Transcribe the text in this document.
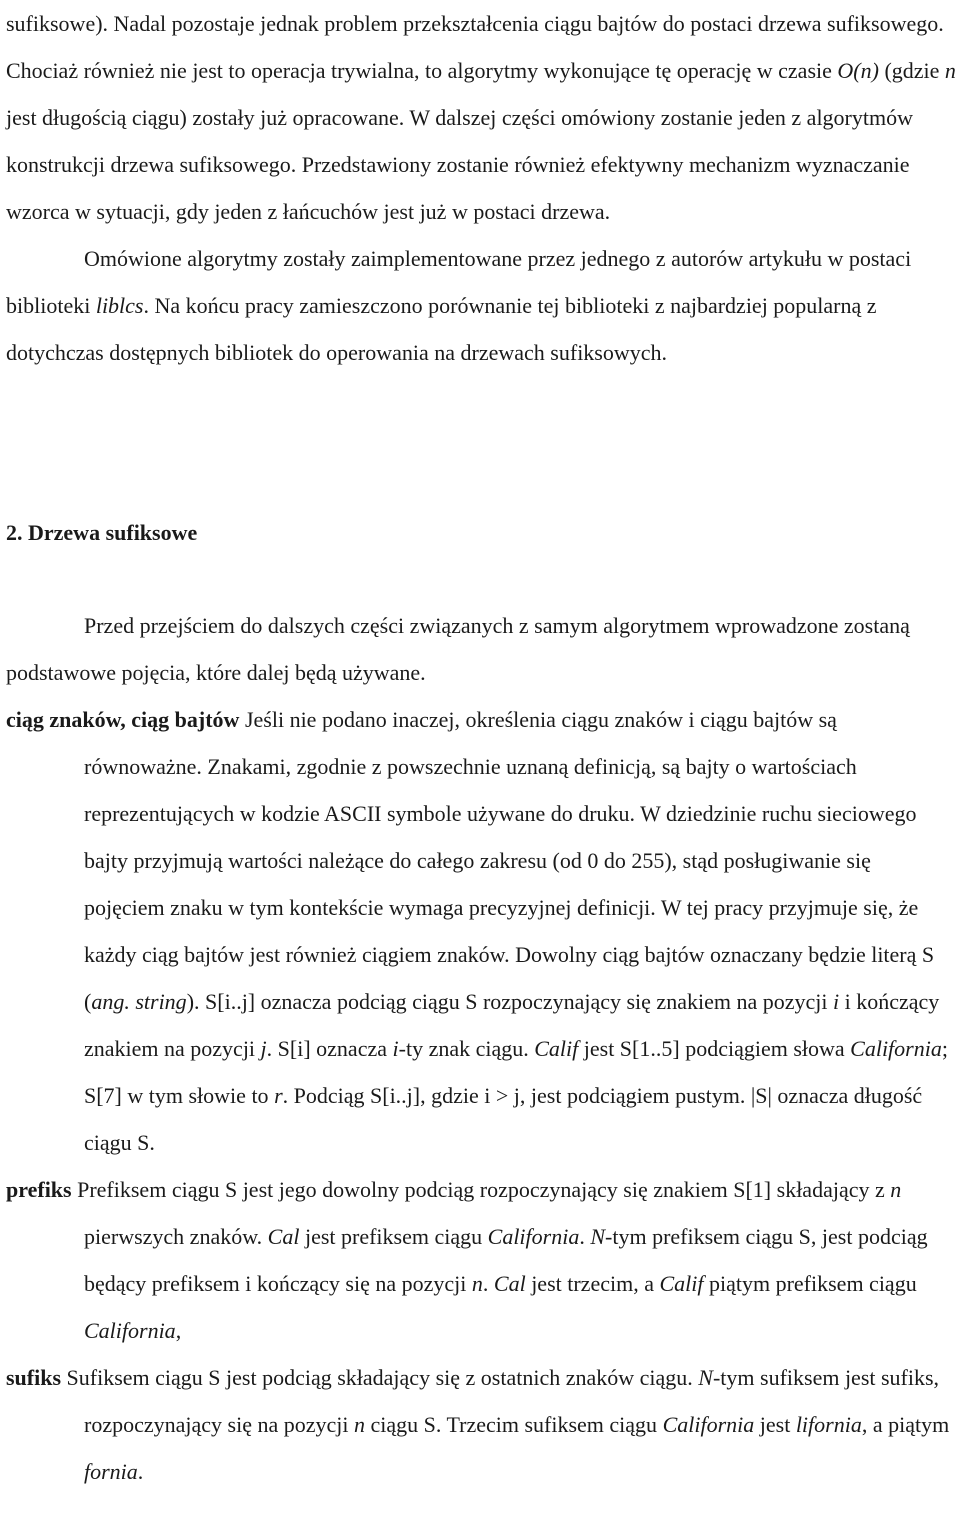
sufiksowe). Nadal pozostaje jednak problem przekształcenia ciągu bajtów do postaci drzewa sufiksowego. Chociaż również nie jest to operacja trywialna, to algorytmy wykonujące tę operację w czasie O(n) (gdzie n jest długością ciągu) zostały już opracowane. W dalszej części omówiony zostanie jeden z algorytmów konstrukcji drzewa sufiksowego. Przedstawiony zostanie również efektywny mechanizm wyznaczanie wzorca w sytuacji, gdy jeden z łańcuchów jest już w postaci drzewa.

Omówione algorytmy zostały zaimplementowane przez jednego z autorów artykułu w postaci biblioteki liblcs. Na końcu pracy zamieszczono porównanie tej biblioteki z najbardziej popularną z dotychczas dostępnych bibliotek do operowania na drzewach sufiksowych.

2. Drzewa sufiksowe

Przed przejściem do dalszych części związanych z samym algorytmem wprowadzone zostaną podstawowe pojęcia, które dalej będą używane.

ciąg znaków, ciąg bajtów Jeśli nie podano inaczej, określenia ciągu znaków i ciągu bajtów są równoważne. Znakami, zgodnie z powszechnie uznaną definicją, są bajty o wartościach reprezentujących w kodzie ASCII symbole używane do druku. W dziedzinie ruchu sieciowego bajty przyjmują wartości należące do całego zakresu (od 0 do 255), stąd posługiwanie się pojęciem znaku w tym kontekście wymaga precyzyjnej definicji. W tej pracy przyjmuje się, że każdy ciąg bajtów jest również ciągiem znaków. Dowolny ciąg bajtów oznaczany będzie literą S (ang. string). S[i..j] oznacza podciąg ciągu S rozpoczynający się znakiem na pozycji i i kończący znakiem na pozycji j. S[i] oznacza i-ty znak ciągu. Calif jest S[1..5] podciągiem słowa California; S[7] w tym słowie to r. Podciąg S[i..j], gdzie i > j, jest podciągiem pustym. |S| oznacza długość ciągu S.

prefiks Prefiksem ciągu S jest jego dowolny podciąg rozpoczynający się znakiem S[1] składający z n pierwszych znaków. Cal jest prefiksem ciągu California. N-tym prefiksem ciągu S, jest podciąg będący prefiksem i kończący się na pozycji n. Cal jest trzecim, a Calif piątym prefiksem ciągu California,

sufiks Sufiksem ciągu S jest podciąg składający się z ostatnich znaków ciągu. N-tym sufiksem jest sufiks, rozpoczynający się na pozycji n ciągu S. Trzecim sufiksem ciągu California jest lifornia, a piątym fornia.
